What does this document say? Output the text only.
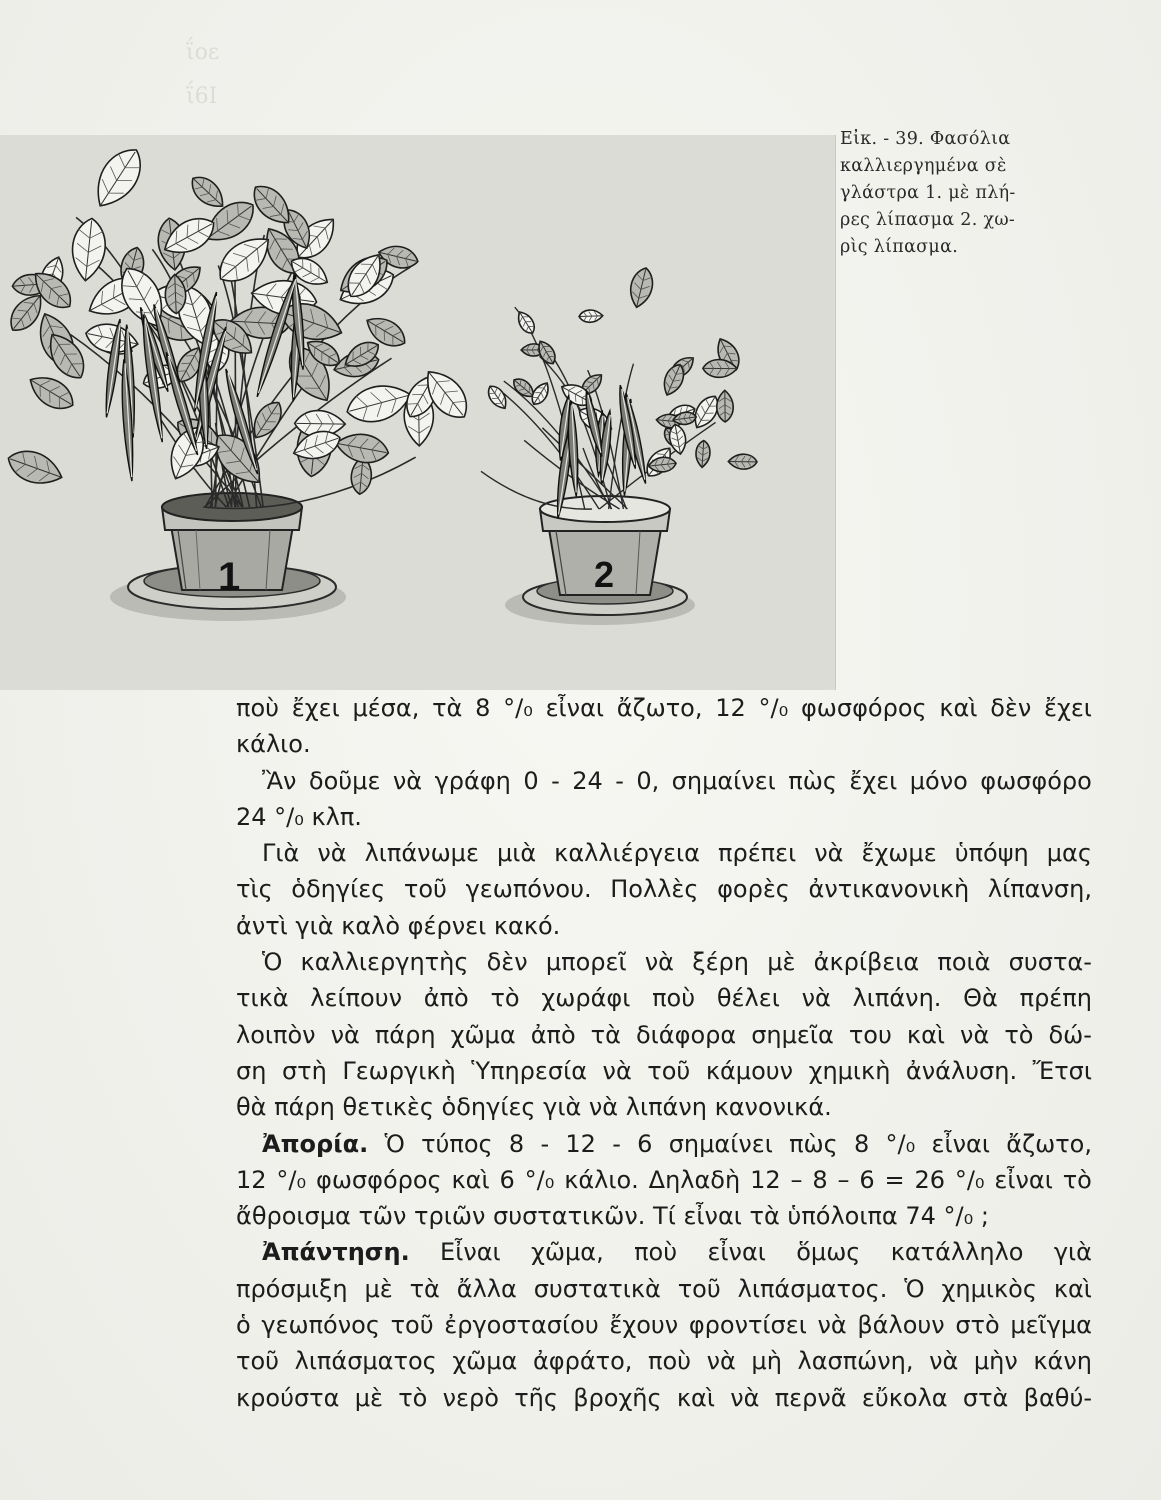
ΐοε
ΐ6Ι
1	2
Εἰκ. - 39. Φασόλια
καλλιεργημένα σὲ
γλάστρα 1. μὲ πλή-
ρες λίπασμα 2. χω-
ρὶς λίπασμα.
ποὺ ἔχει μέσα, τὰ 8 °/₀ εἶναι ἄζωτο, 12 °/₀ φωσφόρος καὶ δὲν ἔχει
κάλιο.
Ἂν δοῦμε νὰ γράφη 0 - 24 - 0, σημαίνει πὼς ἔχει μόνο φωσφόρο
24 °/₀ κλπ.
Γιὰ νὰ λιπάνωμε μιὰ καλλιέργεια πρέπει νὰ ἔχωμε ὑπόψη μας
τὶς ὁδηγίες τοῦ γεωπόνου. Πολλὲς φορὲς ἀντικανονικὴ λίπανση,
ἀντὶ γιὰ καλὸ φέρνει κακό.
Ὁ καλλιεργητὴς δὲν μπορεῖ νὰ ξέρη μὲ ἀκρίβεια ποιὰ συστα-
τικὰ λείπουν ἀπὸ τὸ χωράφι ποὺ θέλει νὰ λιπάνη. Θὰ πρέπη
λοιπὸν νὰ πάρη χῶμα ἀπὸ τὰ διάφορα σημεῖα του καὶ νὰ τὸ δώ-
ση στὴ Γεωργικὴ Ὑπηρεσία νὰ τοῦ κάμουν χημικὴ ἀνάλυση. Ἔτσι
θὰ πάρη θετικὲς ὁδηγίες γιὰ νὰ λιπάνη κανονικά.
Ἀπορία. Ὁ τύπος 8 - 12 - 6 σημαίνει πὼς 8 °/₀ εἶναι ἄζωτο,
12 °/₀ φωσφόρος καὶ 6 °/₀ κάλιο. Δηλαδὴ 12 – 8 – 6 = 26 °/₀ εἶναι τὸ
ἄθροισμα τῶν τριῶν συστατικῶν. Τί εἶναι τὰ ὑπόλοιπα 74 °/₀ ;
Ἀπάντηση. Εἶναι χῶμα, ποὺ εἶναι ὅμως κατάλληλο γιὰ
πρόσμιξη μὲ τὰ ἄλλα συστατικὰ τοῦ λιπάσματος. Ὁ χημικὸς καὶ
ὁ γεωπόνος τοῦ ἐργοστασίου ἔχουν φροντίσει νὰ βάλουν στὸ μεῖγμα
τοῦ λιπάσματος χῶμα ἀφράτο, ποὺ νὰ μὴ λασπώνη, νὰ μὴν κάνη
κρούστα μὲ τὸ νερὸ τῆς βροχῆς καὶ νὰ περνᾶ εὔκολα στὰ βαθύ-
